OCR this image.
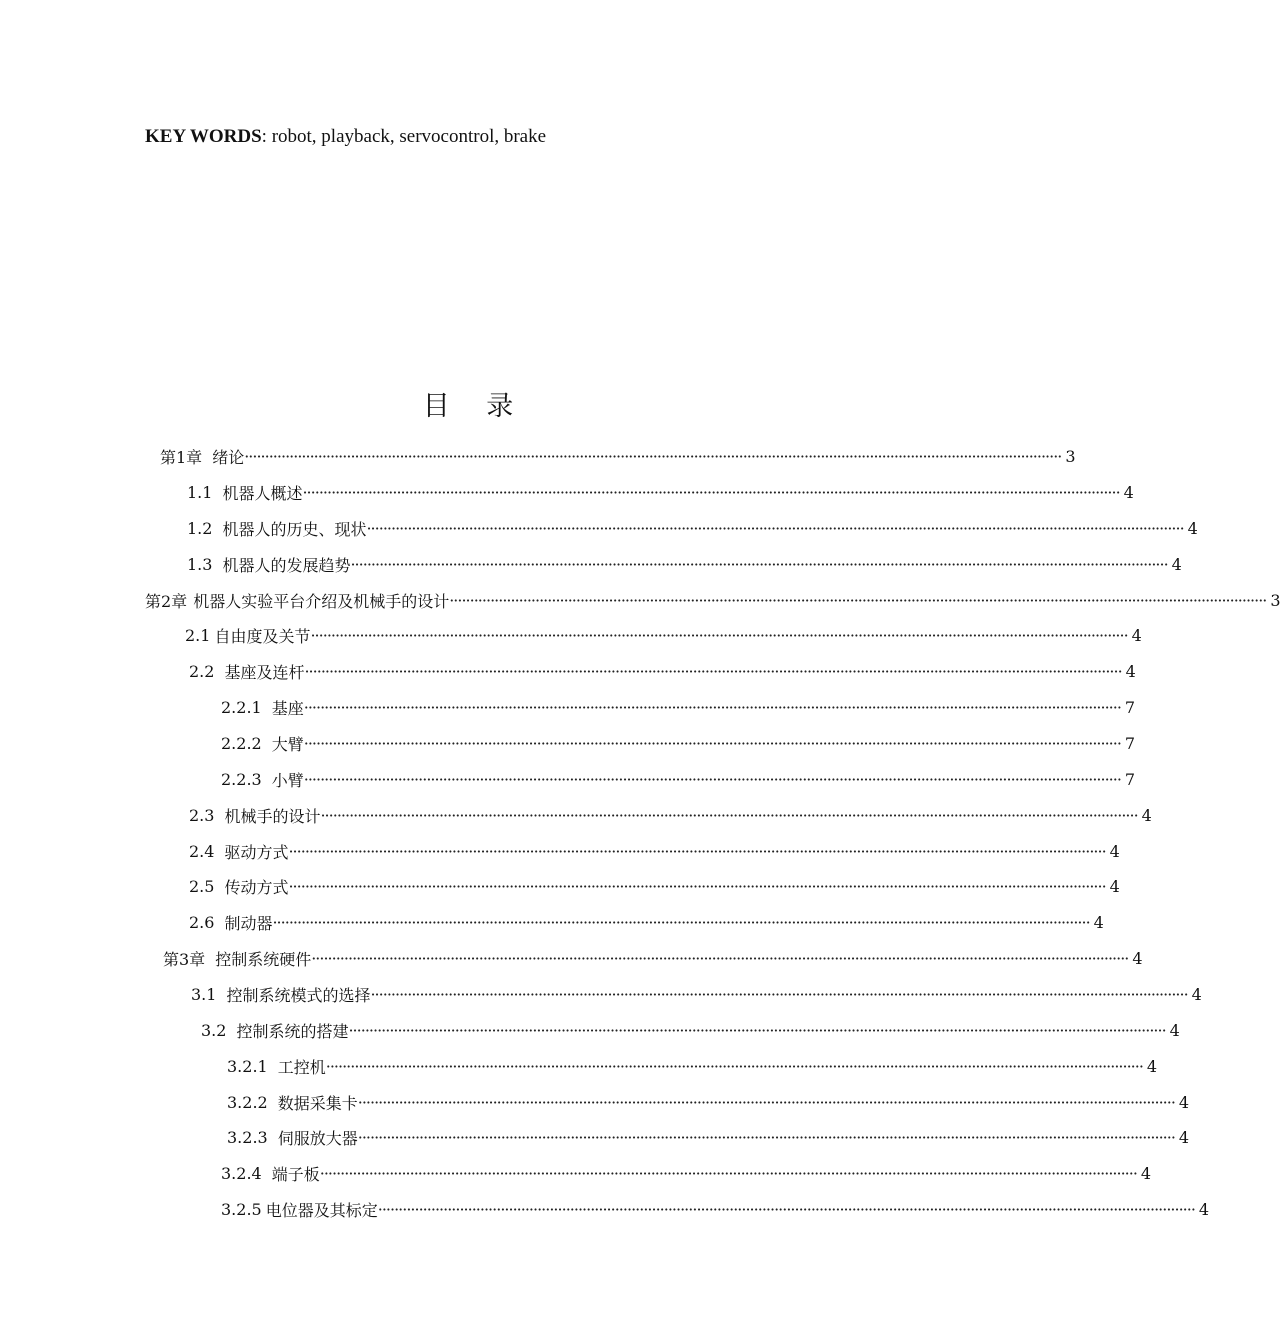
KEY WORDS: robot, playback, servocontrol, brake
目 录
第1章 绪论 ········································································································································································································ 3
1.1 机器人概述 ········································································································································································································ 4
1.2 机器人的历史、现状 ········································································································································································································ 4
1.3 机器人的发展趋势 ········································································································································································································ 4
第2章 机器人实验平台介绍及机械手的设计 ········································································································································································································ 3
2.1 自由度及关节 ········································································································································································································ 4
2.2 基座及连杆 ········································································································································································································ 4
2.2.1 基座 ········································································································································································································ 7
2.2.2 大臂 ········································································································································································································ 7
2.2.3 小臂 ········································································································································································································ 7
2.3 机械手的设计 ········································································································································································································ 4
2.4 驱动方式 ········································································································································································································ 4
2.5 传动方式 ········································································································································································································ 4
2.6 制动器 ········································································································································································································ 4
第3章 控制系统硬件 ········································································································································································································ 4
3.1 控制系统模式的选择 ········································································································································································································ 4
3.2 控制系统的搭建 ········································································································································································································ 4
3.2.1 工控机 ········································································································································································································ 4
3.2.2 数据采集卡 ········································································································································································································ 4
3.2.3 伺服放大器 ········································································································································································································ 4
3.2.4 端子板 ········································································································································································································ 4
3.2.5 电位器及其标定 ········································································································································································································ 4
